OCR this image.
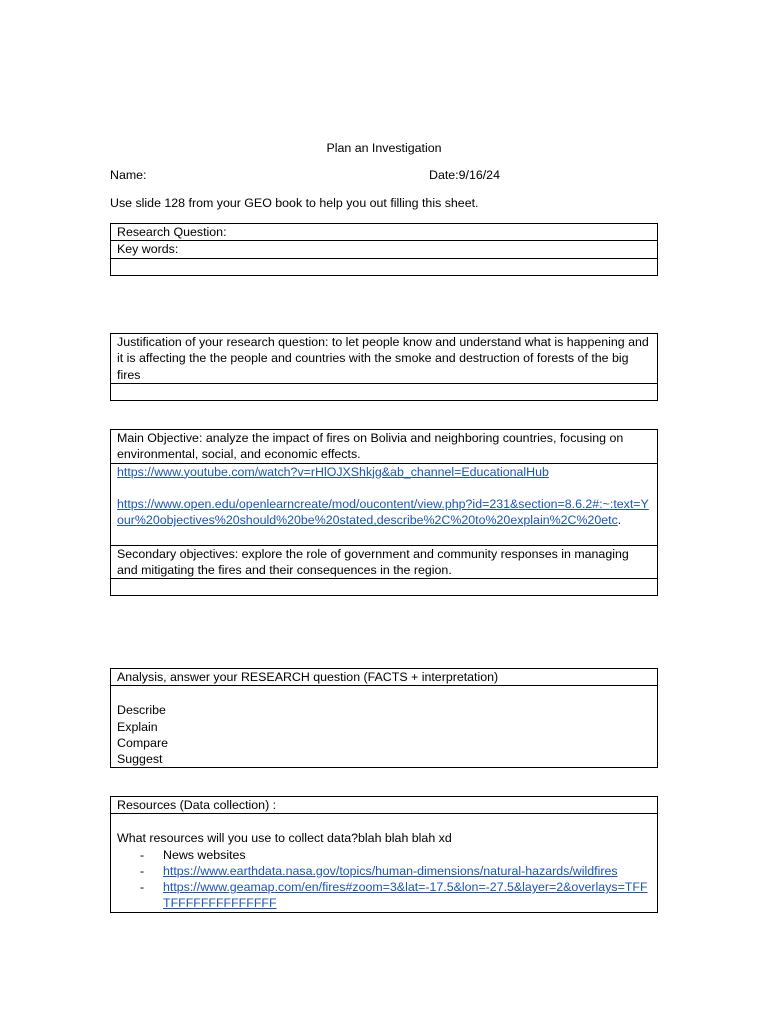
Plan an Investigation
Name:	Date:9/16/24
Use slide 128 from your GEO book to help you out filling this sheet.
Research Question:
Key words:

Justification of your research question: to let people know and understand what is happening and it is affecting the the people and countries with the smoke and destruction of forests of the big fires

Main Objective: analyze the impact of fires on Bolivia and neighboring countries, focusing on environmental, social, and economic effects.
https://www.youtube.com/watch?v=rHlOJXShkjg&ab_channel=EducationalHub

https://www.open.edu/openlearncreate/mod/oucontent/view.php?id=231&section=8.6.2#:~:text=Your%20objectives%20should%20be%20stated,describe%2C%20to%20explain%2C%20etc.
Secondary objectives: explore the role of government and community responses in managing and mitigating the fires and their consequences in the region.

Analysis, answer your RESEARCH question (FACTS + interpretation)

Describe
Explain
Compare
Suggest
Resources (Data collection) :

What resources will you use to collect data?blah blah blah xd
- News websites
- https://www.earthdata.nasa.gov/topics/human-dimensions/natural-hazards/wildfires
- https://www.geamap.com/en/fires#zoom=3&lat=-17.5&lon=-27.5&layer=2&overlays=TFFTFFFFFFFFFFFFFF
